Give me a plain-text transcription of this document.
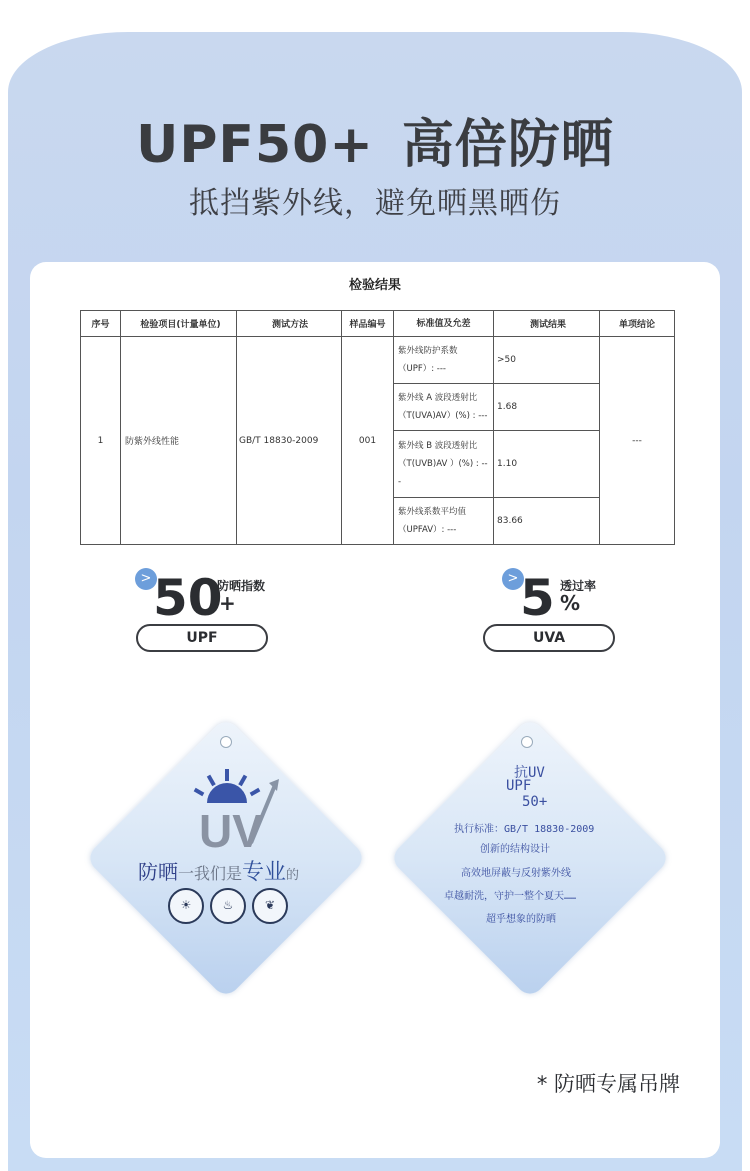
UPF50+ 高倍防晒
抵挡紫外线，避免晒黑晒伤
检验结果
序号	检验项目(计量单位)	测试方法	样品编号	标准值及允差	测试结果	单项结论
1	防紫外线性能	GB/T 18830-2009	001	紫外线防护系数（UPF）: ---	>50	---
				紫外线 A 波段透射比（T(UVA)AV）(%) : ---	1.68	
				紫外线 B 波段透射比（T(UVB)AV ）(%) : ---	1.10	
				紫外线系数平均值（UPFAV）: ---	83.66	
> 50
防晒指数
+
UPF
> 5 透过率
%
UVA
UV
防晒一我们是专业的
☀	♨	❦
抗UV
UPF
50+
执行标准：GB/T 18830-2009
创新的结构设计
高效地屏蔽与反射紫外线
卓越耐洗，守护一整个夏天……
超乎想象的防晒
* 防晒专属吊牌
